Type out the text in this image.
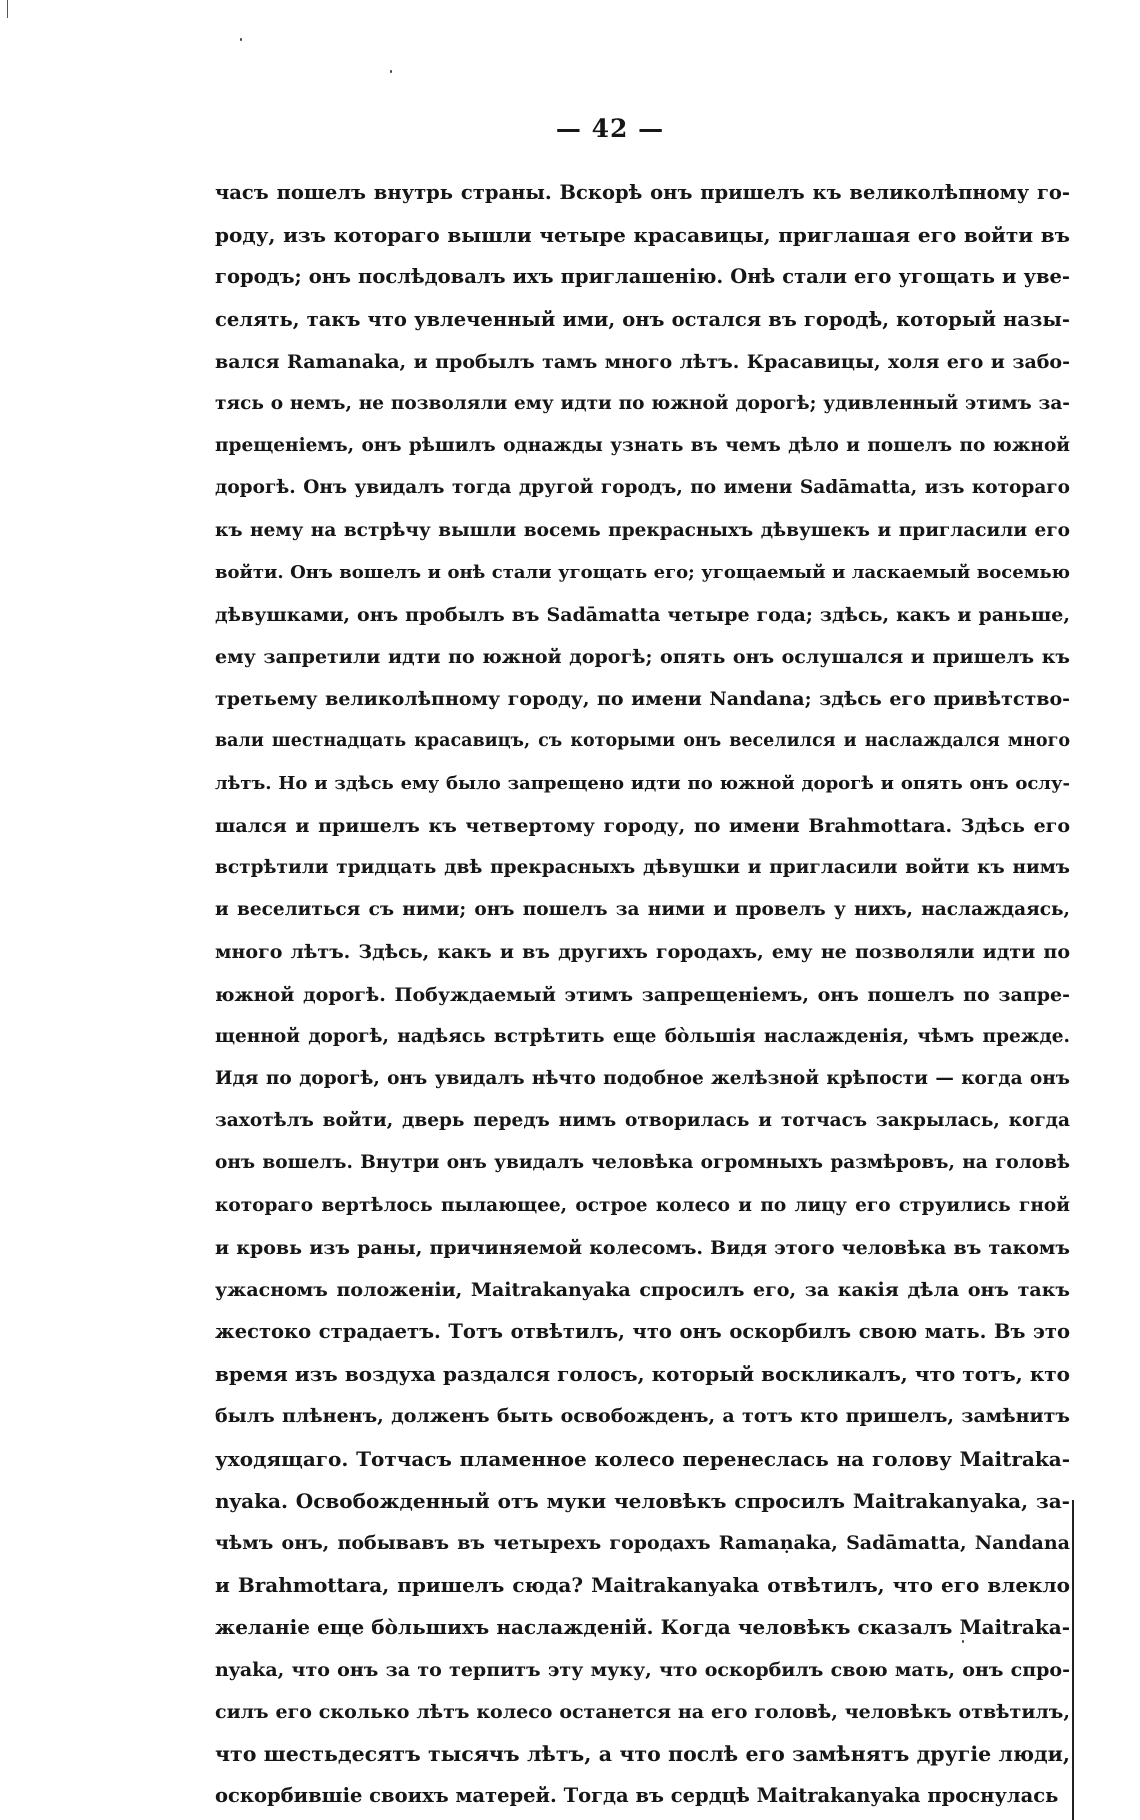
— 42 —
часъ пошелъ внутрь страны. Вскорѣ онъ пришелъ къ великолѣпному го-
роду, изъ котораго вышли четыре красавицы, приглашая его войти въ
городъ; онъ послѣдовалъ ихъ приглашенію. Онѣ стали его угощать и уве-
селять, такъ что увлеченный ими, онъ остался въ городѣ, который назы-
вался Ramanaka, и пробылъ тамъ много лѣтъ. Красавицы, холя его и забо-
тясь о немъ, не позволяли ему идти по южной дорогѣ; удивленный этимъ за-
прещеніемъ, онъ рѣшилъ однажды узнать въ чемъ дѣло и пошелъ по южной
дорогѣ. Онъ увидалъ тогда другой городъ, по имени Sadāmatta, изъ котораго
къ нему на встрѣчу вышли восемь прекрасныхъ дѣвушекъ и пригласили его
войти. Онъ вошелъ и онѣ стали угощать его; угощаемый и ласкаемый восемью
дѣвушками, онъ пробылъ въ Sadāmatta четыре года; здѣсь, какъ и раньше,
ему запретили идти по южной дорогѣ; опять онъ ослушался и пришелъ къ
третьему великолѣпному городу, по имени Nandana; здѣсь его привѣтство-
вали шестнадцать красавицъ, съ которыми онъ веселился и наслаждался много
лѣтъ. Но и здѣсь ему было запрещено идти по южной дорогѣ и опять онъ ослу-
шался и пришелъ къ четвертому городу, по имени Brahmottara. Здѣсь его
встрѣтили тридцать двѣ прекрасныхъ дѣвушки и пригласили войти къ нимъ
и веселиться съ ними; онъ пошелъ за ними и провелъ у нихъ, наслаждаясь,
много лѣтъ. Здѣсь, какъ и въ другихъ городахъ, ему не позволяли идти по
южной дорогѣ. Побуждаемый этимъ запрещеніемъ, онъ пошелъ по запре-
щенной дорогѣ, надѣясь встрѣтить еще бо̀льшія наслажденія, чѣмъ прежде.
Идя по дорогѣ, онъ увидалъ нѣчто подобное желѣзной крѣпости — когда онъ
захотѣлъ войти, дверь передъ нимъ отворилась и тотчасъ закрылась, когда
онъ вошелъ. Внутри онъ увидалъ человѣка огромныхъ размѣровъ, на головѣ
котораго вертѣлось пылающее, острое колесо и по лицу его струились гной
и кровь изъ раны, причиняемой колесомъ. Видя этого человѣка въ такомъ
ужасномъ положеніи, Maitrakanyaka спросилъ его, за какія дѣла онъ такъ
жестоко страдаетъ. Тотъ отвѣтилъ, что онъ оскорбилъ свою мать. Въ это
время изъ воздуха раздался голосъ, который воскликалъ, что тотъ, кто
былъ плѣненъ, долженъ быть освобожденъ, а тотъ кто пришелъ, замѣнитъ
уходящаго. Тотчасъ пламенное колесо перенеслась на голову Maitraka-
nyaka. Освобожденный отъ муки человѣкъ спросилъ Maitrakanyaka, за-
чѣмъ онъ, побывавъ въ четырехъ городахъ Ramaṇaka, Sadāmatta, Nandana
и Brahmottara, пришелъ сюда? Maitrakanyaka отвѣтилъ, что его влекло
желаніе еще бо̀льшихъ наслажденій. Когда человѣкъ сказалъ Maitraka-
nyaka, что онъ за то терпитъ эту муку, что оскорбилъ свою мать, онъ спро-
силъ его сколько лѣтъ колесо останется на его головѣ, человѣкъ отвѣтилъ,
что шестьдесятъ тысячъ лѣтъ, а что послѣ его замѣнятъ другіе люди,
оскорбившіе своихъ матерей. Тогда въ сердцѣ Maitrakanyaka проснулась
